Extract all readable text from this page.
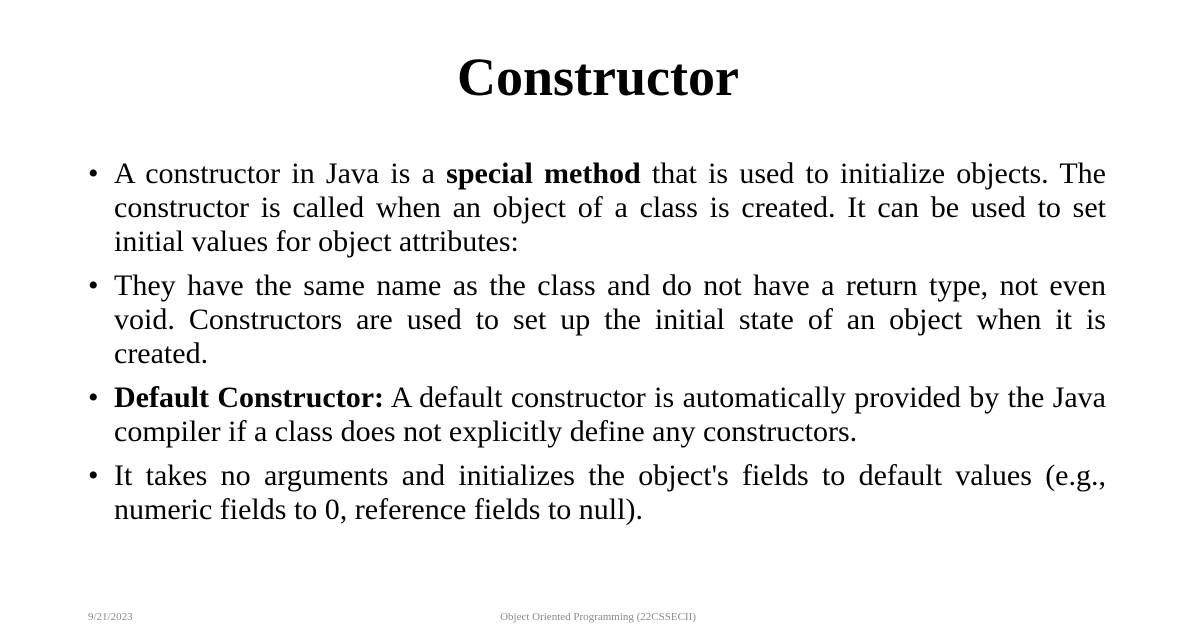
Constructor
• A constructor in Java is a special method that is used to initialize objects. The constructor is called when an object of a class is created. It can be used to set initial values for object attributes:
• They have the same name as the class and do not have a return type, not even void. Constructors are used to set up the initial state of an object when it is created.
• Default Constructor: A default constructor is automatically provided by the Java compiler if a class does not explicitly define any constructors.
• It takes no arguments and initializes the object's fields to default values (e.g., numeric fields to 0, reference fields to null).
9/21/2023	Object Oriented Programming (22CSSECII)
